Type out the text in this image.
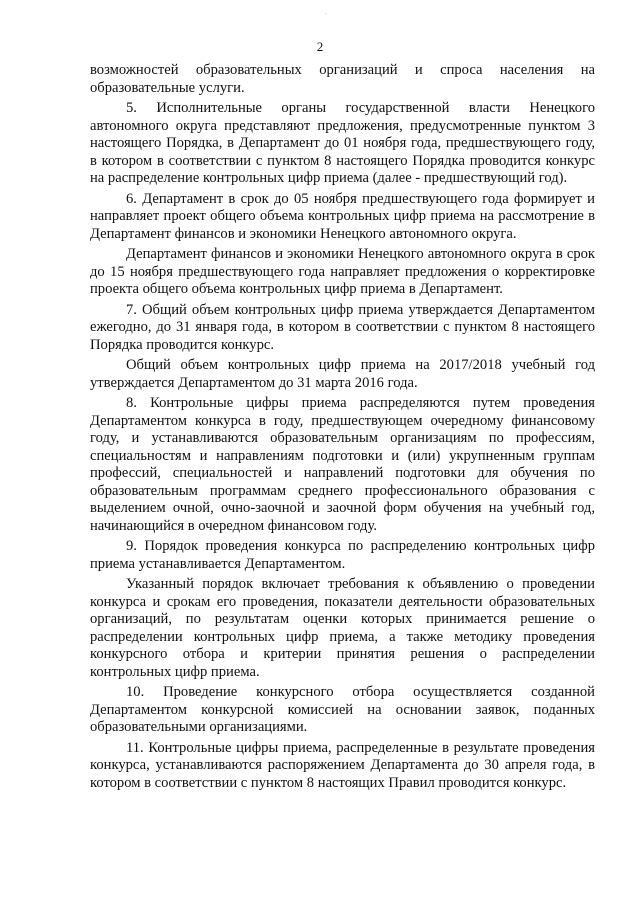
2

возможностей образовательных организаций и спроса населения на образовательные услуги.

5. Исполнительные органы государственной власти Ненецкого автономного округа представляют предложения, предусмотренные пунктом 3 настоящего Порядка, в Департамент до 01 ноября года, предшествующего году, в котором в соответствии с пунктом 8 настоящего Порядка проводится конкурс на распределение контрольных цифр приема (далее - предшествующий год).

6. Департамент в срок до 05 ноября предшествующего года формирует и направляет проект общего объема контрольных цифр приема на рассмотрение в Департамент финансов и экономики Ненецкого автономного округа.

Департамент финансов и экономики Ненецкого автономного округа в срок до 15 ноября предшествующего года направляет предложения о корректировке проекта общего объема контрольных цифр приема в Департамент.

7. Общий объем контрольных цифр приема утверждается Департаментом ежегодно, до 31 января года, в котором в соответствии с пунктом 8 настоящего Порядка проводится конкурс.

Общий объем контрольных цифр приема на 2017/2018 учебный год утверждается Департаментом до 31 марта 2016 года.

8. Контрольные цифры приема распределяются путем проведения Департаментом конкурса в году, предшествующем очередному финансовому году, и устанавливаются образовательным организациям по профессиям, специальностям и направлениям подготовки и (или) укрупненным группам профессий, специальностей и направлений подготовки для обучения по образовательным программам среднего профессионального образования с выделением очной, очно-заочной и заочной форм обучения на учебный год, начинающийся в очередном финансовом году.

9. Порядок проведения конкурса по распределению контрольных цифр приема устанавливается Департаментом.

Указанный порядок включает требования к объявлению о проведении конкурса и срокам его проведения, показатели деятельности образовательных организаций, по результатам оценки которых принимается решение о распределении контрольных цифр приема, а также методику проведения конкурсного отбора и критерии принятия решения о распределении контрольных цифр приема.

10. Проведение конкурсного отбора осуществляется созданной Департаментом конкурсной комиссией на основании заявок, поданных образовательными организациями.

11. Контрольные цифры приема, распределенные в результате проведения конкурса, устанавливаются распоряжением Департамента до 30 апреля года, в котором в соответствии с пунктом 8 настоящих Правил проводится конкурс.
